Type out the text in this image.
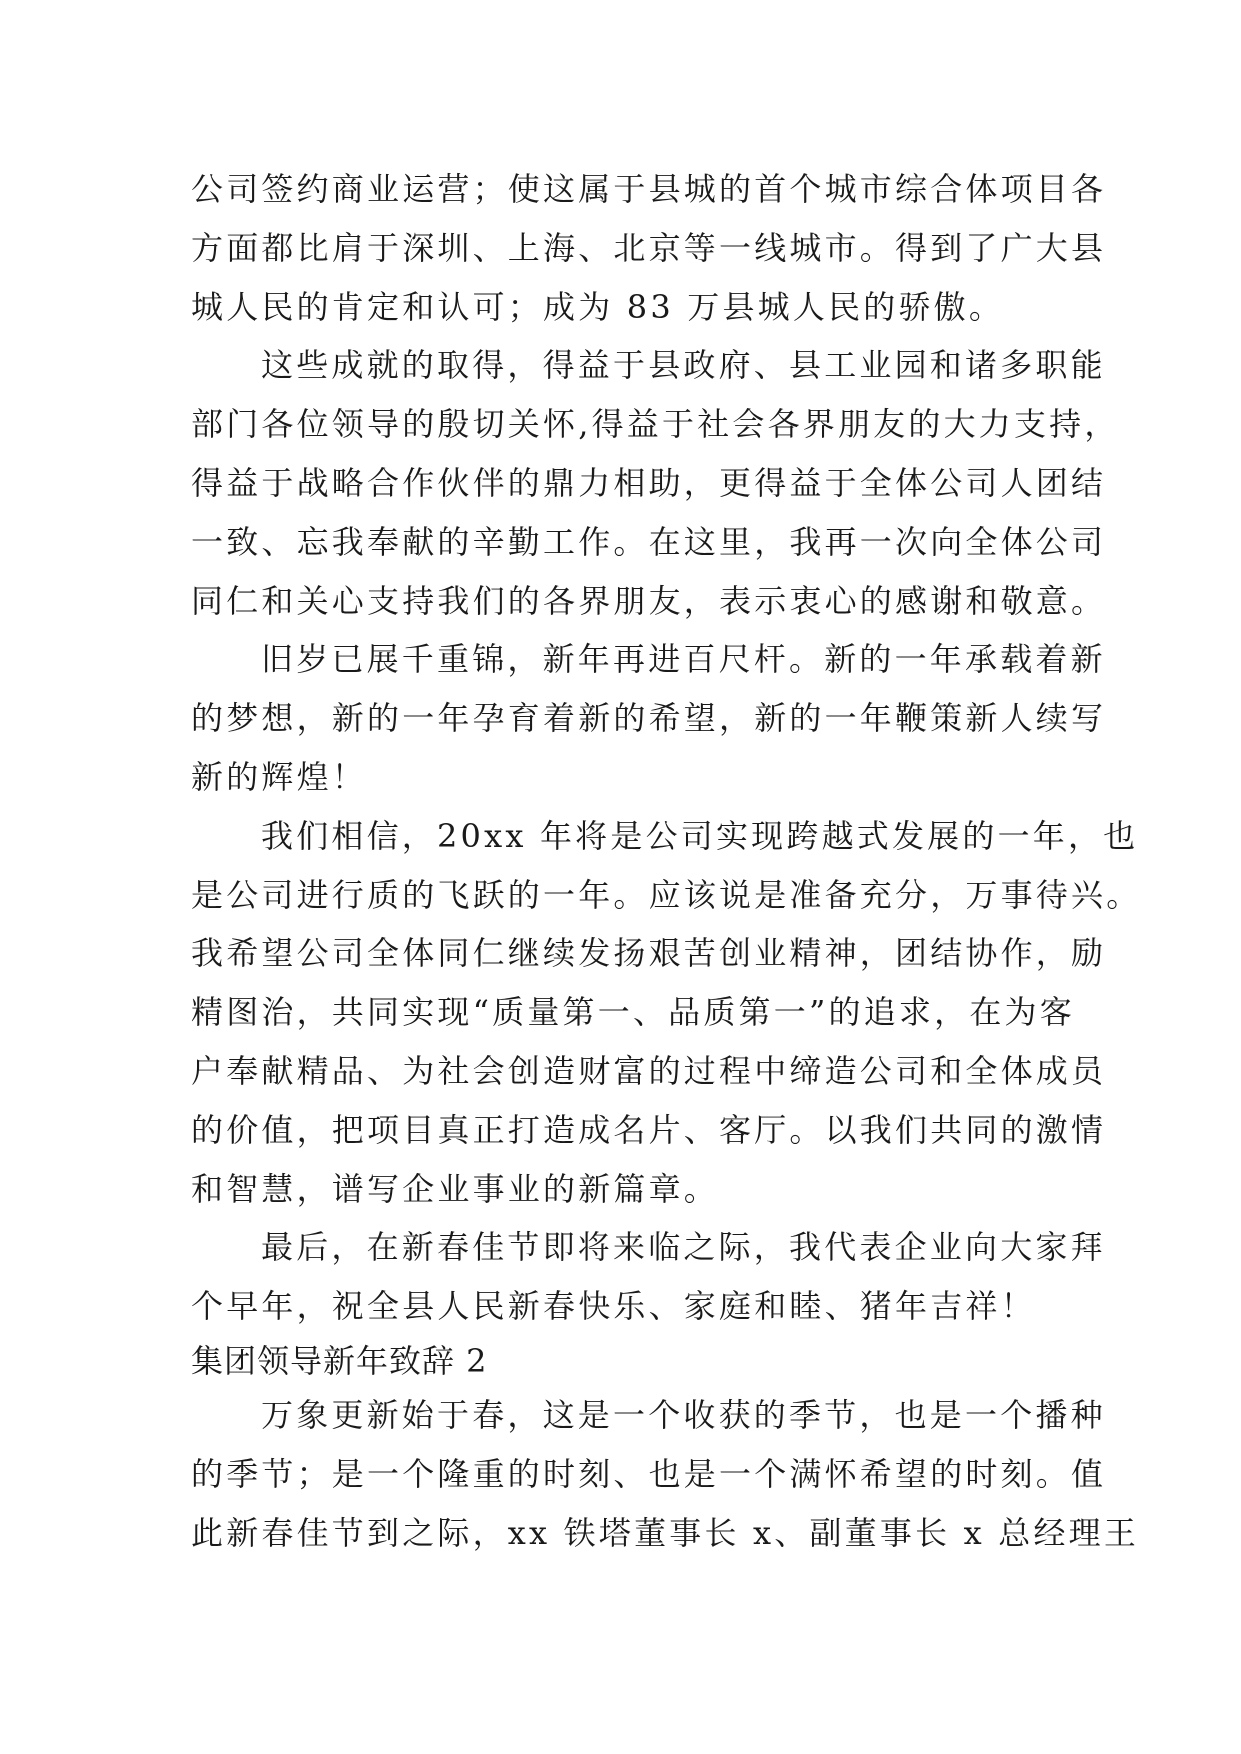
公司签约商业运营；使这属于县城的首个城市综合体项目各
方面都比肩于深圳、上海、北京等一线城市。得到了广大县
城人民的肯定和认可；成为 83 万县城人民的骄傲。
这些成就的取得，得益于县政府、县工业园和诸多职能
部门各位领导的殷切关怀,得益于社会各界朋友的大力支持，
得益于战略合作伙伴的鼎力相助，更得益于全体公司人团结
一致、忘我奉献的辛勤工作。在这里，我再一次向全体公司
同仁和关心支持我们的各界朋友，表示衷心的感谢和敬意。
旧岁已展千重锦，新年再进百尺杆。新的一年承载着新
的梦想，新的一年孕育着新的希望，新的一年鞭策新人续写
新的辉煌！
我们相信，20xx 年将是公司实现跨越式发展的一年，也
是公司进行质的飞跃的一年。应该说是准备充分，万事待兴。
我希望公司全体同仁继续发扬艰苦创业精神，团结协作，励
精图治，共同实现“质量第一、品质第一”的追求，在为客
户奉献精品、为社会创造财富的过程中缔造公司和全体成员
的价值，把项目真正打造成名片、客厅。以我们共同的激情
和智慧，谱写企业事业的新篇章。
最后，在新春佳节即将来临之际，我代表企业向大家拜
个早年，祝全县人民新春快乐、家庭和睦、猪年吉祥！
集团领导新年致辞 2
万象更新始于春，这是一个收获的季节，也是一个播种
的季节；是一个隆重的时刻、也是一个满怀希望的时刻。值
此新春佳节到之际，xx 铁塔董事长 x、副董事长 x 总经理王
